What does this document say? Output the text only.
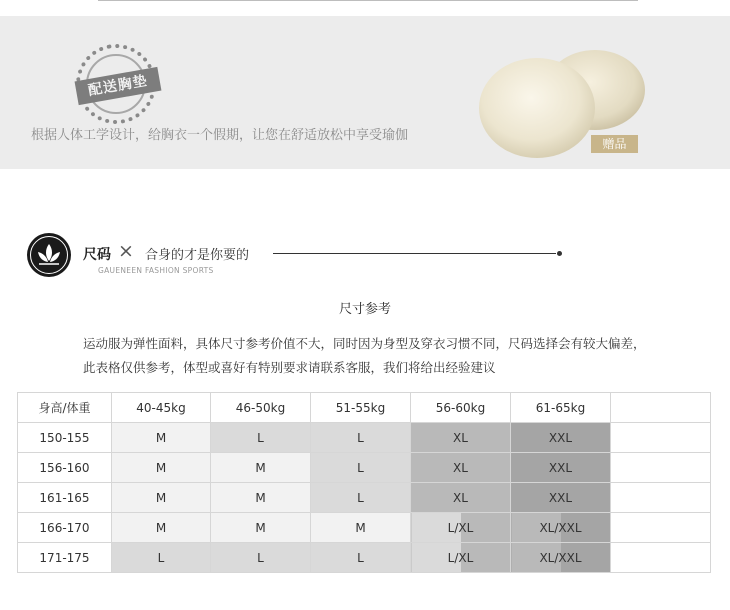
配送胸垫
根据人体工学设计，给胸衣一个假期，让您在舒适放松中享受瑜伽
赠品
尺码 × 合身的才是你要的
GAUENEEN FASHION SPORTS
尺寸参考
运动服为弹性面料，具体尺寸参考价值不大，同时因为身型及穿衣习惯不同，尺码选择会有较大偏差，
此表格仅供参考，体型或喜好有特别要求请联系客服，我们将给出经验建议
身高/体重	40-45kg	46-50kg	51-55kg	56-60kg	61-65kg	
150-155	M	L	L	XL	XXL	
156-160	M	M	L	XL	XXL	
161-165	M	M	L	XL	XXL	
166-170	M	M	M	L/XL	XL/XXL	
171-175	L	L	L	L/XL	XL/XXL	
